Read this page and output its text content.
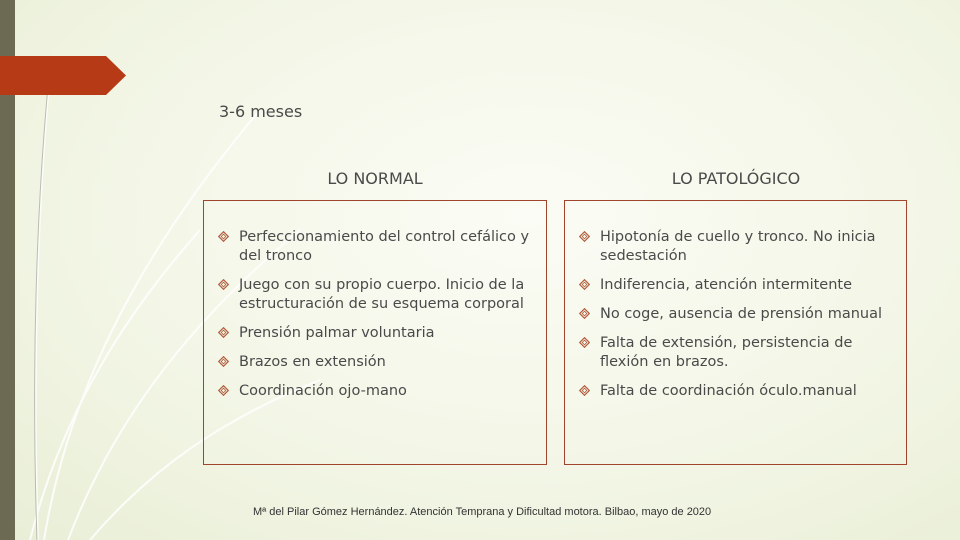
3-6 meses
LO NORMAL	LO PATOLÓGICO
Perfeccionamiento del control cefálico y del tronco
Juego con su propio cuerpo. Inicio de la estructuración de su esquema corporal
Prensión palmar voluntaria
Brazos en extensión
Coordinación ojo-mano
Hipotonía de cuello y tronco. No inicia sedestación
Indiferencia, atención intermitente
No coge, ausencia de prensión manual
Falta de extensión, persistencia de flexión en brazos.
Falta de coordinación óculo.manual
Mª del Pilar Gómez Hernández. Atención Temprana y Dificultad motora. Bilbao, mayo de 2020
